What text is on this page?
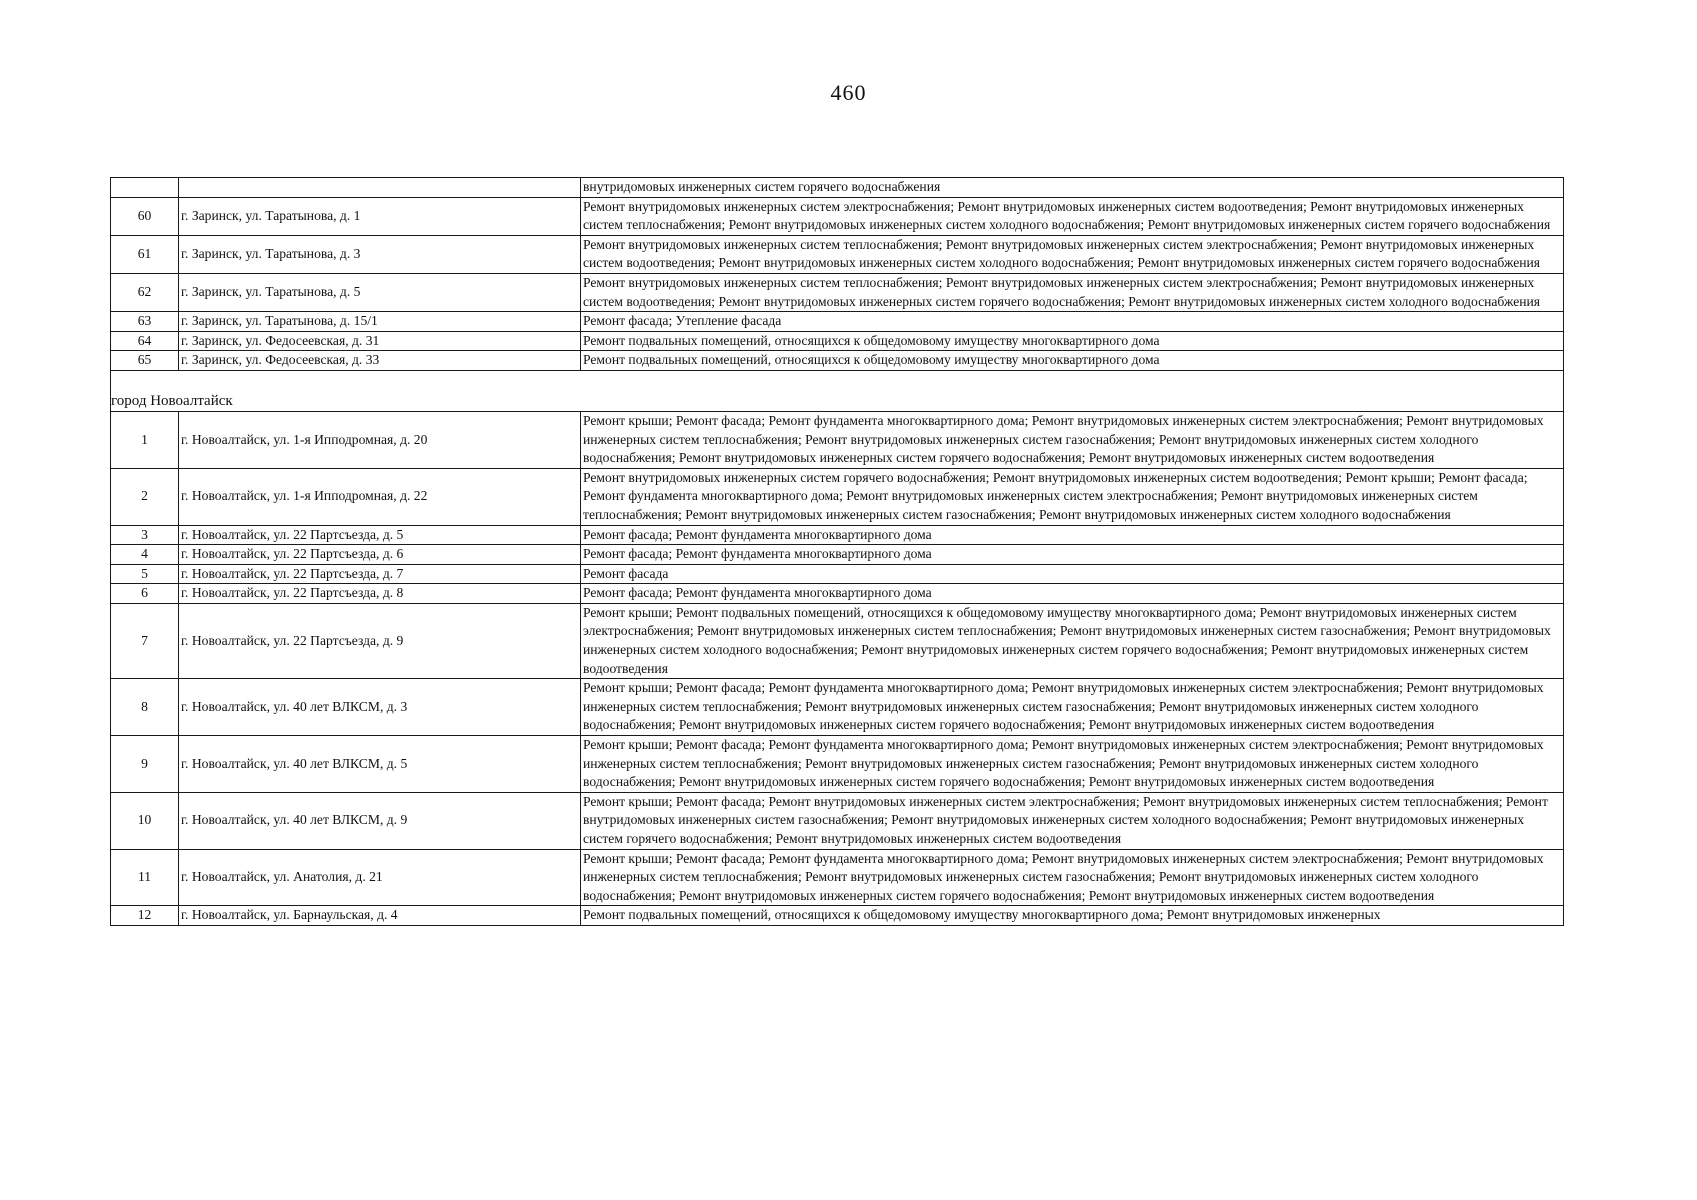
460
		внутридомовых инженерных систем горячего водоснабжения
60	г. Заринск, ул. Таратынова, д. 1	Ремонт внутридомовых инженерных систем электроснабжения; Ремонт внутридомовых инженерных систем водоотведения; Ремонт внутридомовых инженерных систем теплоснабжения; Ремонт внутридомовых инженерных систем холодного водоснабжения; Ремонт внутридомовых инженерных систем горячего водоснабжения
61	г. Заринск, ул. Таратынова, д. 3	Ремонт внутридомовых инженерных систем теплоснабжения; Ремонт внутридомовых инженерных систем электроснабжения; Ремонт внутридомовых инженерных систем водоотведения; Ремонт внутридомовых инженерных систем холодного водоснабжения; Ремонт внутридомовых инженерных систем горячего водоснабжения
62	г. Заринск, ул. Таратынова, д. 5	Ремонт внутридомовых инженерных систем теплоснабжения; Ремонт внутридомовых инженерных систем электроснабжения; Ремонт внутридомовых инженерных систем водоотведения; Ремонт внутридомовых инженерных систем горячего водоснабжения; Ремонт внутридомовых инженерных систем холодного водоснабжения
63	г. Заринск, ул. Таратынова, д. 15/1	Ремонт фасада; Утепление фасада
64	г. Заринск, ул. Федосеевская, д. 31	Ремонт подвальных помещений, относящихся к общедомовому имуществу многоквартирного дома
65	г. Заринск, ул. Федосеевская, д. 33	Ремонт подвальных помещений, относящихся к общедомовому имуществу многоквартирного дома
город Новоалтайск		
1	г. Новоалтайск, ул. 1-я Ипподромная, д. 20	Ремонт крыши; Ремонт фасада; Ремонт фундамента многоквартирного дома; Ремонт внутридомовых инженерных систем электроснабжения; Ремонт внутридомовых инженерных систем теплоснабжения; Ремонт внутридомовых инженерных систем газоснабжения; Ремонт внутридомовых инженерных систем холодного водоснабжения; Ремонт внутридомовых инженерных систем горячего водоснабжения; Ремонт внутридомовых инженерных систем водоотведения
2	г. Новоалтайск, ул. 1-я Ипподромная, д. 22	Ремонт внутридомовых инженерных систем горячего водоснабжения; Ремонт внутридомовых инженерных систем водоотведения; Ремонт крыши; Ремонт фасада; Ремонт фундамента многоквартирного дома; Ремонт внутридомовых инженерных систем электроснабжения; Ремонт внутридомовых инженерных систем теплоснабжения; Ремонт внутридомовых инженерных систем газоснабжения; Ремонт внутридомовых инженерных систем холодного водоснабжения
3	г. Новоалтайск, ул. 22 Партсъезда, д. 5	Ремонт фасада; Ремонт фундамента многоквартирного дома
4	г. Новоалтайск, ул. 22 Партсъезда, д. 6	Ремонт фасада; Ремонт фундамента многоквартирного дома
5	г. Новоалтайск, ул. 22 Партсъезда, д. 7	Ремонт фасада
6	г. Новоалтайск, ул. 22 Партсъезда, д. 8	Ремонт фасада; Ремонт фундамента многоквартирного дома
7	г. Новоалтайск, ул. 22 Партсъезда, д. 9	Ремонт крыши; Ремонт подвальных помещений, относящихся к общедомовому имуществу многоквартирного дома; Ремонт внутридомовых инженерных систем электроснабжения; Ремонт внутридомовых инженерных систем теплоснабжения; Ремонт внутридомовых инженерных систем газоснабжения; Ремонт внутридомовых инженерных систем холодного водоснабжения; Ремонт внутридомовых инженерных систем горячего водоснабжения; Ремонт внутридомовых инженерных систем водоотведения
8	г. Новоалтайск, ул. 40 лет ВЛКСМ, д. 3	Ремонт крыши; Ремонт фасада; Ремонт фундамента многоквартирного дома; Ремонт внутридомовых инженерных систем электроснабжения; Ремонт внутридомовых инженерных систем теплоснабжения; Ремонт внутридомовых инженерных систем газоснабжения; Ремонт внутридомовых инженерных систем холодного водоснабжения; Ремонт внутридомовых инженерных систем горячего водоснабжения; Ремонт внутридомовых инженерных систем водоотведения
9	г. Новоалтайск, ул. 40 лет ВЛКСМ, д. 5	Ремонт крыши; Ремонт фасада; Ремонт фундамента многоквартирного дома; Ремонт внутридомовых инженерных систем электроснабжения; Ремонт внутридомовых инженерных систем теплоснабжения; Ремонт внутридомовых инженерных систем газоснабжения; Ремонт внутридомовых инженерных систем холодного водоснабжения; Ремонт внутридомовых инженерных систем горячего водоснабжения; Ремонт внутридомовых инженерных систем водоотведения
10	г. Новоалтайск, ул. 40 лет ВЛКСМ, д. 9	Ремонт крыши; Ремонт фасада; Ремонт внутридомовых инженерных систем электроснабжения; Ремонт внутридомовых инженерных систем теплоснабжения; Ремонт внутридомовых инженерных систем газоснабжения; Ремонт внутридомовых инженерных систем холодного водоснабжения; Ремонт внутридомовых инженерных систем горячего водоснабжения; Ремонт внутридомовых инженерных систем водоотведения
11	г. Новоалтайск, ул. Анатолия, д. 21	Ремонт крыши; Ремонт фасада; Ремонт фундамента многоквартирного дома; Ремонт внутридомовых инженерных систем электроснабжения; Ремонт внутридомовых инженерных систем теплоснабжения; Ремонт внутридомовых инженерных систем газоснабжения; Ремонт внутридомовых инженерных систем холодного водоснабжения; Ремонт внутридомовых инженерных систем горячего водоснабжения; Ремонт внутридомовых инженерных систем водоотведения
12	г. Новоалтайск, ул. Барнаульская, д. 4	Ремонт подвальных помещений, относящихся к общедомовому имуществу многоквартирного дома; Ремонт внутридомовых инженерных
